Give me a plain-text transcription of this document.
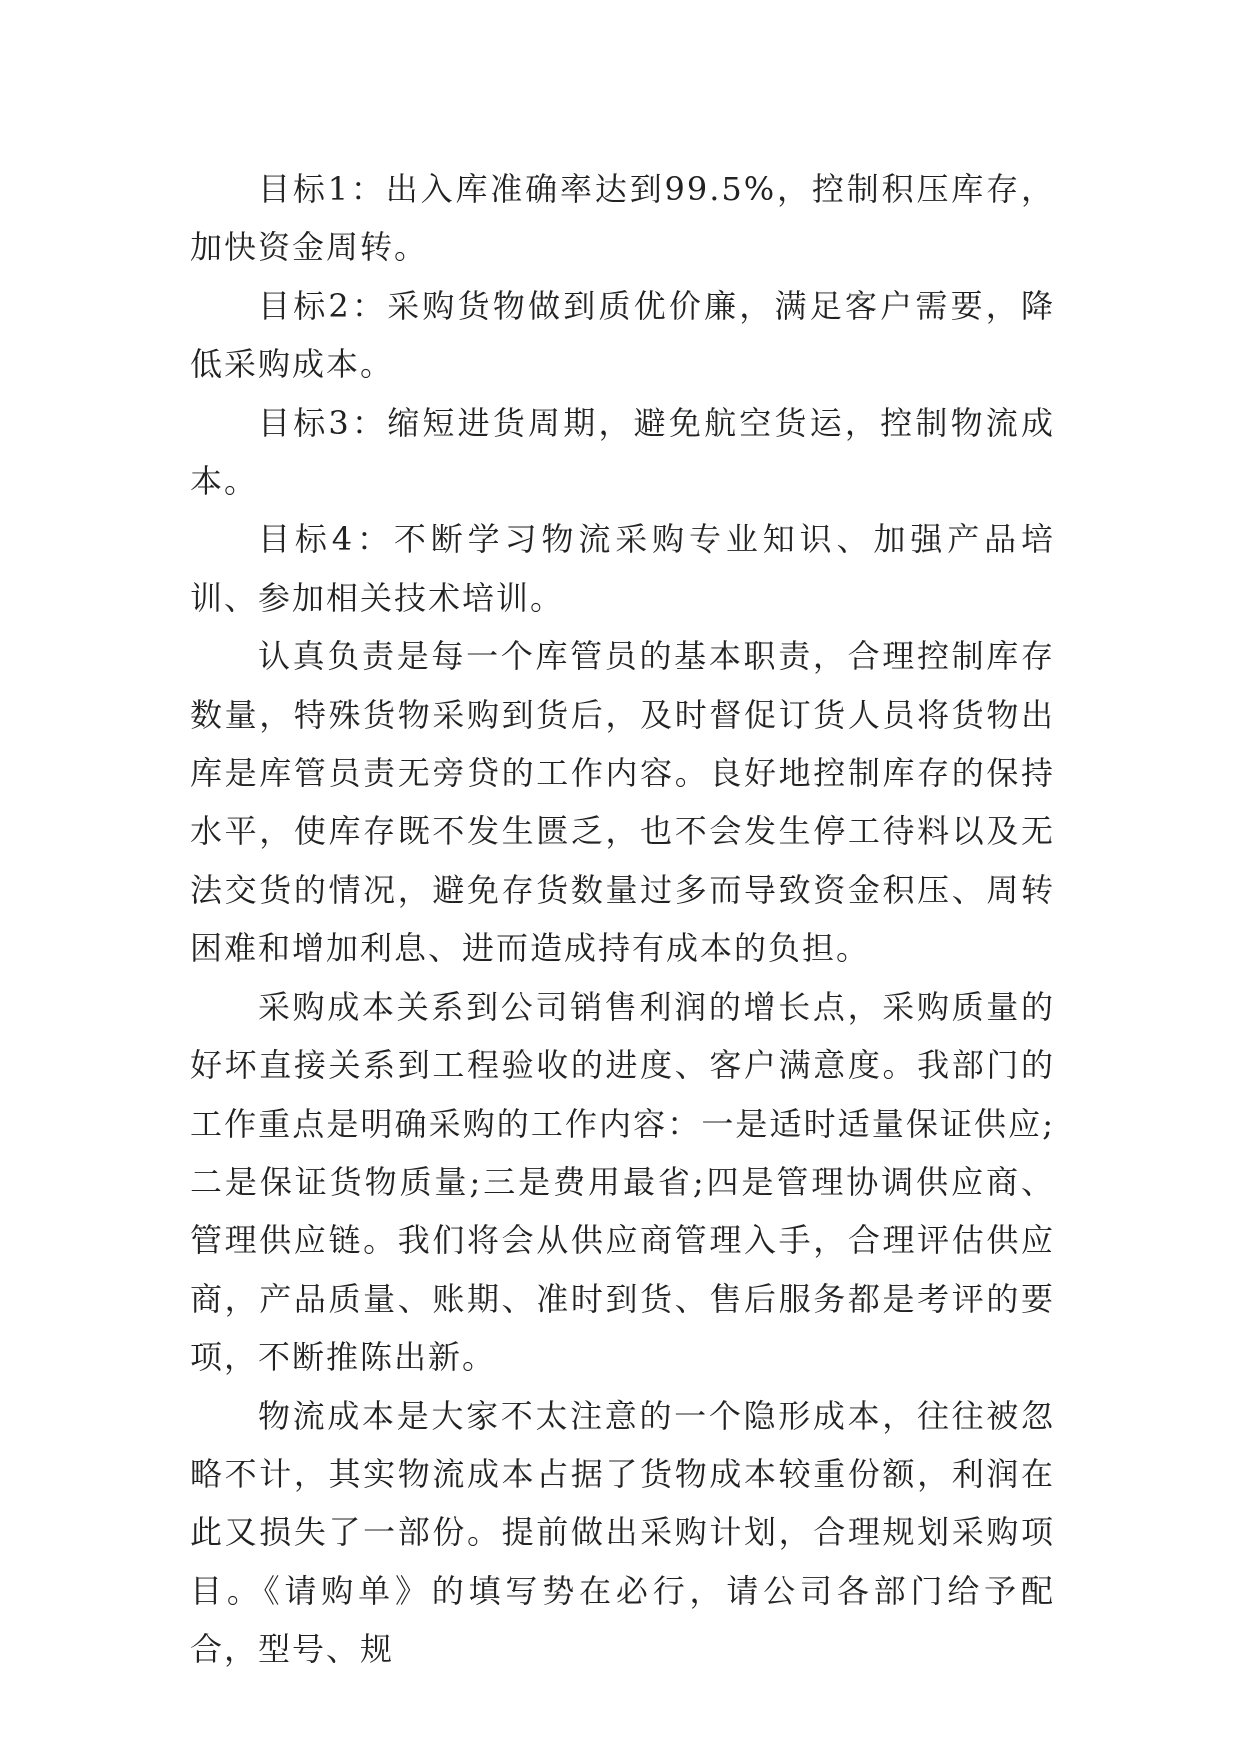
目标1：出入库准确率达到99.5%，控制积压库存，加快资金周转。

目标2：采购货物做到质优价廉，满足客户需要，降低采购成本。

目标3：缩短进货周期，避免航空货运，控制物流成本。

目标4：不断学习物流采购专业知识、加强产品培训、参加相关技术培训。

认真负责是每一个库管员的基本职责，合理控制库存数量，特殊货物采购到货后，及时督促订货人员将货物出库是库管员责无旁贷的工作内容。良好地控制库存的保持水平，使库存既不发生匮乏，也不会发生停工待料以及无法交货的情况，避免存货数量过多而导致资金积压、周转困难和增加利息、进而造成持有成本的负担。

采购成本关系到公司销售利润的增长点，采购质量的好坏直接关系到工程验收的进度、客户满意度。我部门的工作重点是明确采购的工作内容：一是适时适量保证供应;二是保证货物质量;三是费用最省;四是管理协调供应商、管理供应链。我们将会从供应商管理入手，合理评估供应商，产品质量、账期、准时到货、售后服务都是考评的要项，不断推陈出新。

物流成本是大家不太注意的一个隐形成本，往往被忽略不计，其实物流成本占据了货物成本较重份额，利润在此又损失了一部份。提前做出采购计划，合理规划采购项目。《请购单》的填写势在必行，请公司各部门给予配合，型号、规
